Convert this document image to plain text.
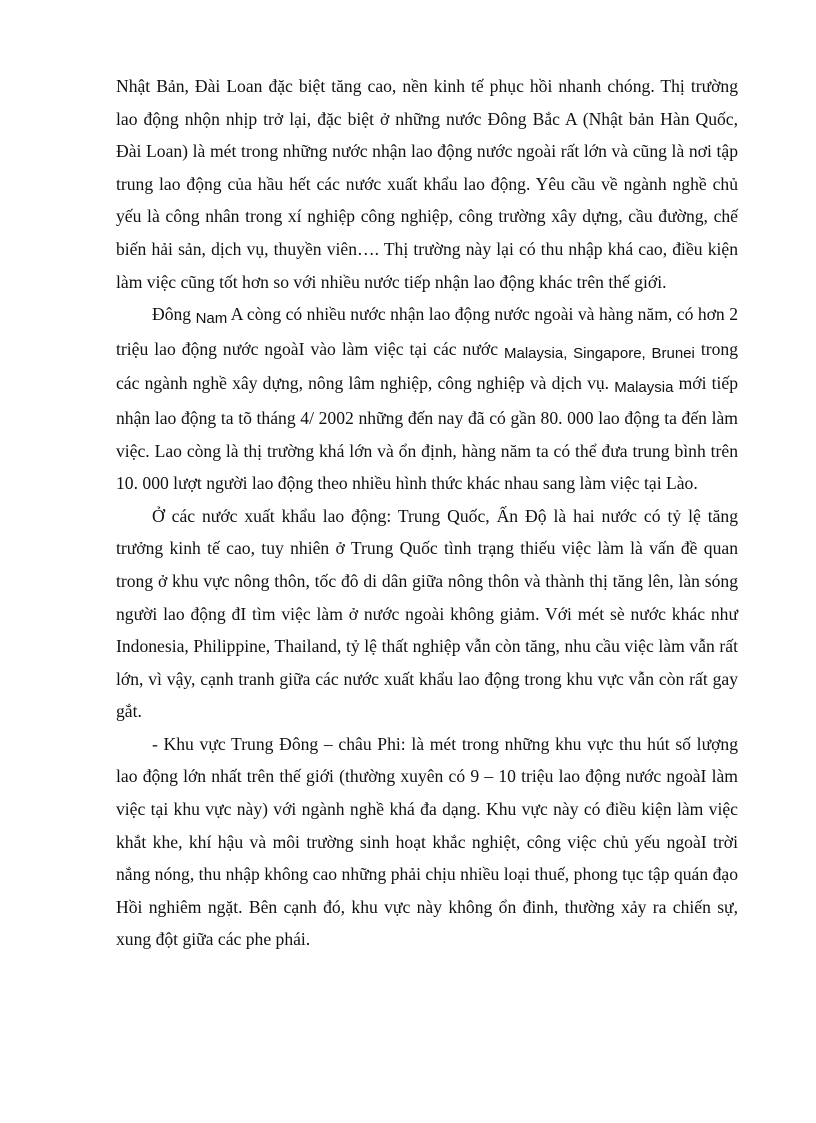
Nhật Bản, Đài Loan đặc biệt tăng cao, nền kinh tế phục hồi nhanh chóng. Thị trường lao động nhộn nhịp trở lại, đặc biệt ở những nước Đông Bắc A (Nhật bản Hàn Quốc, Đài Loan) là mét trong những nước nhận lao động nước ngoài rất lớn và cũng là nơi tập trung lao động của hầu hết các nước xuất khẩu lao động. Yêu cầu về ngành nghề chủ yếu là công nhân trong xí nghiệp công nghiệp, công trường xây dựng, cầu đường, chế biến hải sản, dịch vụ, thuyền viên…. Thị trường này lại có thu nhập khá cao, điều kiện làm việc cũng tốt hơn so với nhiều nước tiếp nhận lao động khác trên thế giới.

Đông Nam A còng có nhiều nước nhận lao động nước ngoài và hàng năm, có hơn 2 triệu lao động nước ngoàI vào làm việc tại các nước Malaysia, Singapore, Brunei trong các ngành nghề xây dựng, nông lâm nghiệp, công nghiệp và dịch vụ. Malaysia mới tiếp nhận lao động ta tõ tháng 4/ 2002 những đến nay đã có gần 80. 000 lao động ta đến làm việc. Lao còng là thị trường khá lớn và ổn định, hàng năm ta có thể đưa trung bình trên 10. 000 lượt người lao động theo nhiều hình thức khác nhau sang làm việc tại Lào.

Ở các nước xuất khẩu lao động: Trung Quốc, Ấn Độ là hai nước có tỷ lệ tăng trưởng kinh tế cao, tuy nhiên ở Trung Quốc tình trạng thiếu việc làm là vấn đề quan trong ở khu vực nông thôn, tốc đô di dân giữa nông thôn và thành thị tăng lên, làn sóng người lao động đI tìm việc làm ở nước ngoài không giảm. Với mét sè nước khác như Indonesia, Philippine, Thailand, tỷ lệ thất nghiệp vẫn còn tăng, nhu cầu việc làm vẫn rất lớn, vì vậy, cạnh tranh giữa các nước xuất khẩu lao động trong khu vực vẫn còn rất gay gắt.

- Khu vực Trung Đông – châu Phi: là mét trong những khu vực thu hút số lượng lao động lớn nhất trên thế giới (thường xuyên có 9 – 10 triệu lao động nước ngoàI làm việc tại khu vực này) với ngành nghề khá đa dạng. Khu vực này có điều kiện làm việc khắt khe, khí hậu và môi trường sinh hoạt khắc nghiệt, công việc chủ yếu ngoàI trời nắng nóng, thu nhập không cao những phải chịu nhiều loại thuế, phong tục tập quán đạo Hồi nghiêm ngặt. Bên cạnh đó, khu vực này không ổn đinh, thường xảy ra chiến sự, xung đột giữa các phe phái.
